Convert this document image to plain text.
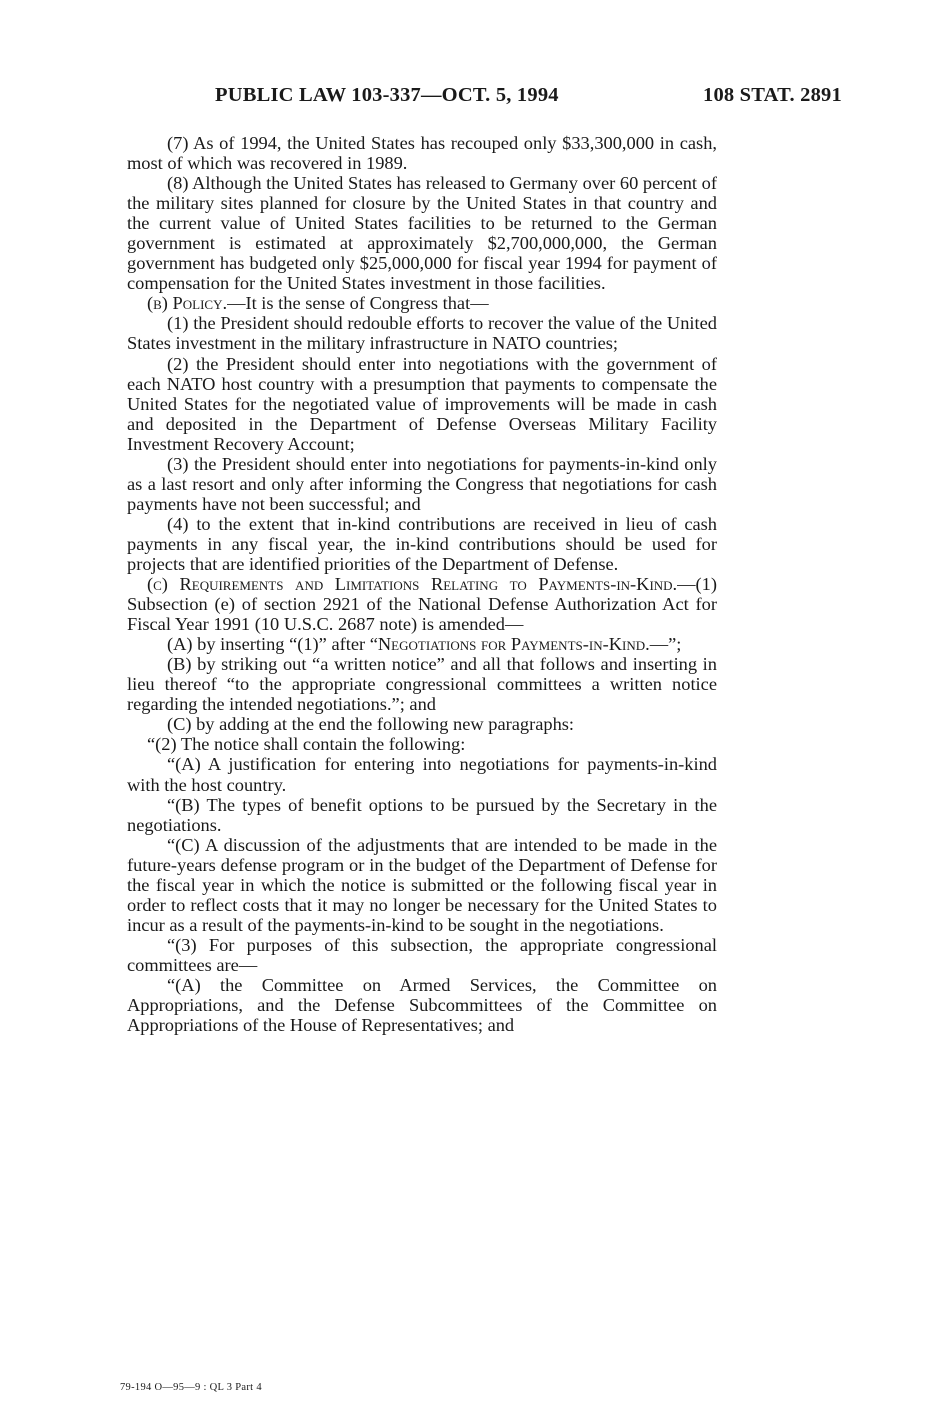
PUBLIC LAW 103-337—OCT. 5, 1994	108 STAT. 2891

(7) As of 1994, the United States has recouped only $33,300,000 in cash, most of which was recovered in 1989.

(8) Although the United States has released to Germany over 60 percent of the military sites planned for closure by the United States in that country and the current value of United States facilities to be returned to the German government is estimated at approximately $2,700,000,000, the German government has budgeted only $25,000,000 for fiscal year 1994 for payment of compensation for the United States investment in those facilities.

(b) Policy.—It is the sense of Congress that—

(1) the President should redouble efforts to recover the value of the United States investment in the military infrastructure in NATO countries;

(2) the President should enter into negotiations with the government of each NATO host country with a presumption that payments to compensate the United States for the negotiated value of improvements will be made in cash and deposited in the Department of Defense Overseas Military Facility Investment Recovery Account;

(3) the President should enter into negotiations for payments-in-kind only as a last resort and only after informing the Congress that negotiations for cash payments have not been successful; and

(4) to the extent that in-kind contributions are received in lieu of cash payments in any fiscal year, the in-kind contributions should be used for projects that are identified priorities of the Department of Defense.

(c) Requirements and Limitations Relating to Payments-in-Kind.—(1) Subsection (e) of section 2921 of the National Defense Authorization Act for Fiscal Year 1991 (10 U.S.C. 2687 note) is amended—

(A) by inserting “(1)” after “Negotiations for Payments-in-Kind.—”;

(B) by striking out “a written notice” and all that follows and inserting in lieu thereof “to the appropriate congressional committees a written notice regarding the intended negotiations.”; and

(C) by adding at the end the following new paragraphs:

“(2) The notice shall contain the following:

“(A) A justification for entering into negotiations for payments-in-kind with the host country.

“(B) The types of benefit options to be pursued by the Secretary in the negotiations.

“(C) A discussion of the adjustments that are intended to be made in the future-years defense program or in the budget of the Department of Defense for the fiscal year in which the notice is submitted or the following fiscal year in order to reflect costs that it may no longer be necessary for the United States to incur as a result of the payments-in-kind to be sought in the negotiations.

“(3) For purposes of this subsection, the appropriate congressional committees are—

“(A) the Committee on Armed Services, the Committee on Appropriations, and the Defense Subcommittees of the Committee on Appropriations of the House of Representatives; and

79-194 O—95—9 : QL 3 Part 4
